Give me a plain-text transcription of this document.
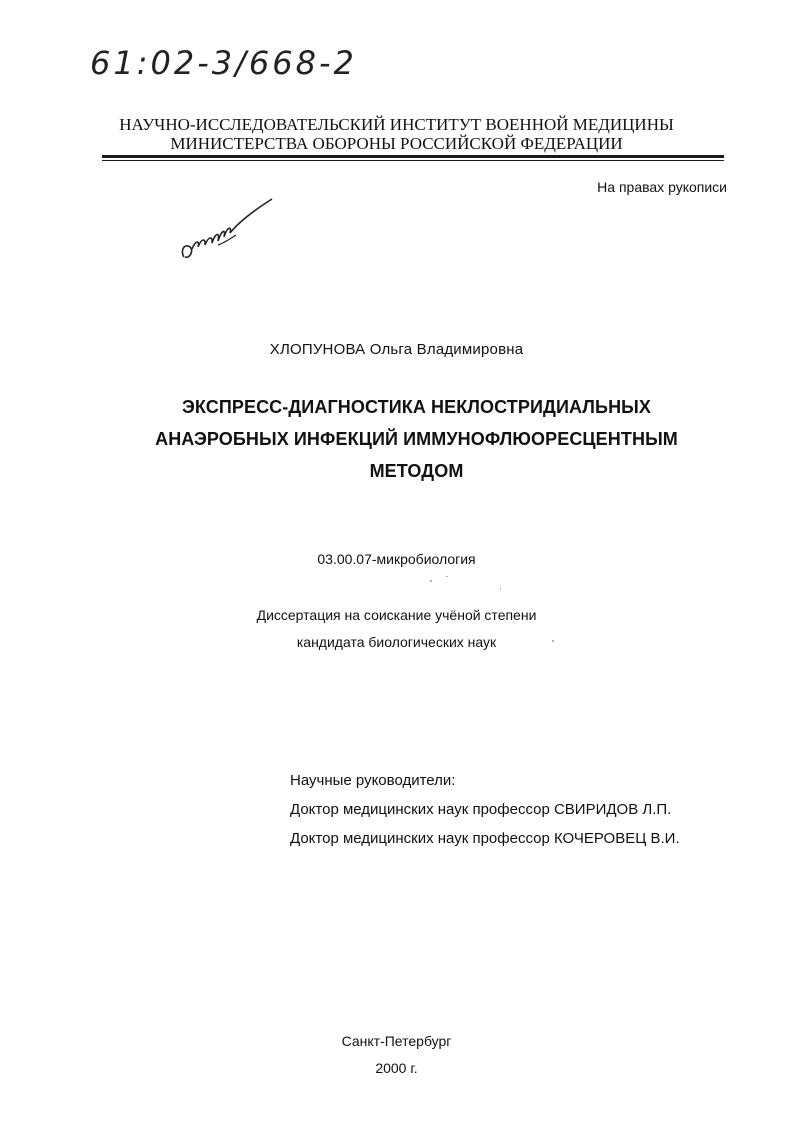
61:02-3/668-2
НАУЧНО-ИССЛЕДОВАТЕЛЬСКИЙ ИНСТИТУТ ВОЕННОЙ МЕДИЦИНЫ
МИНИСТЕРСТВА ОБОРОНЫ РОССИЙСКОЙ ФЕДЕРАЦИИ
На правах рукописи
ХЛОПУНОВА Ольга Владимировна
ЭКСПРЕСС-ДИАГНОСТИКА НЕКЛОСТРИДИАЛЬНЫХ
АНАЭРОБНЫХ ИНФЕКЦИЙ ИММУНОФЛЮОРЕСЦЕНТНЫМ
МЕТОДОМ
03.00.07-микробиология
Диссертация на соискание учёной степени
кандидата биологических наук
Научные руководители:
Доктор медицинских наук профессор СВИРИДОВ Л.П.
Доктор медицинских наук профессор КОЧЕРОВЕЦ В.И.
Санкт-Петербург
2000 г.
